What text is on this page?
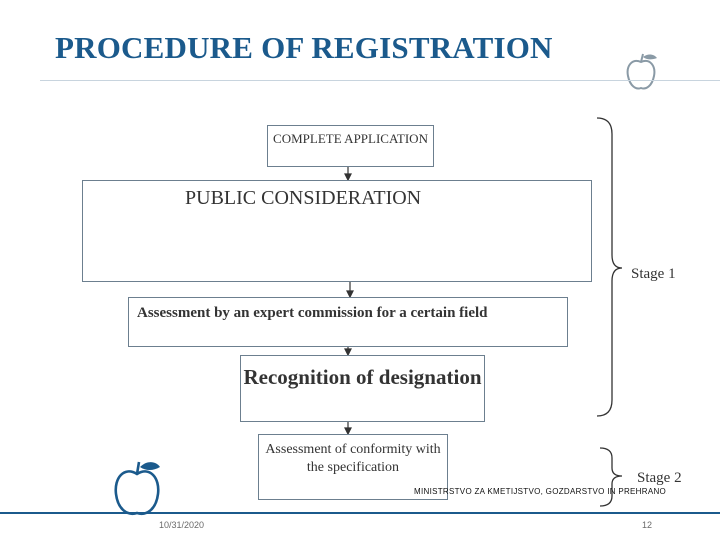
PROCEDURE OF REGISTRATION
COMPLETE APPLICATION
PUBLIC CONSIDERATION
Assessment by an expert commission for a certain field
Recognition of designation
Assessment of conformity with the specification
Stage 1
Stage 2
MINISTRSTVO ZA KMETIJSTVO, GOZDARSTVO IN PREHRANO
10/31/2020	12
